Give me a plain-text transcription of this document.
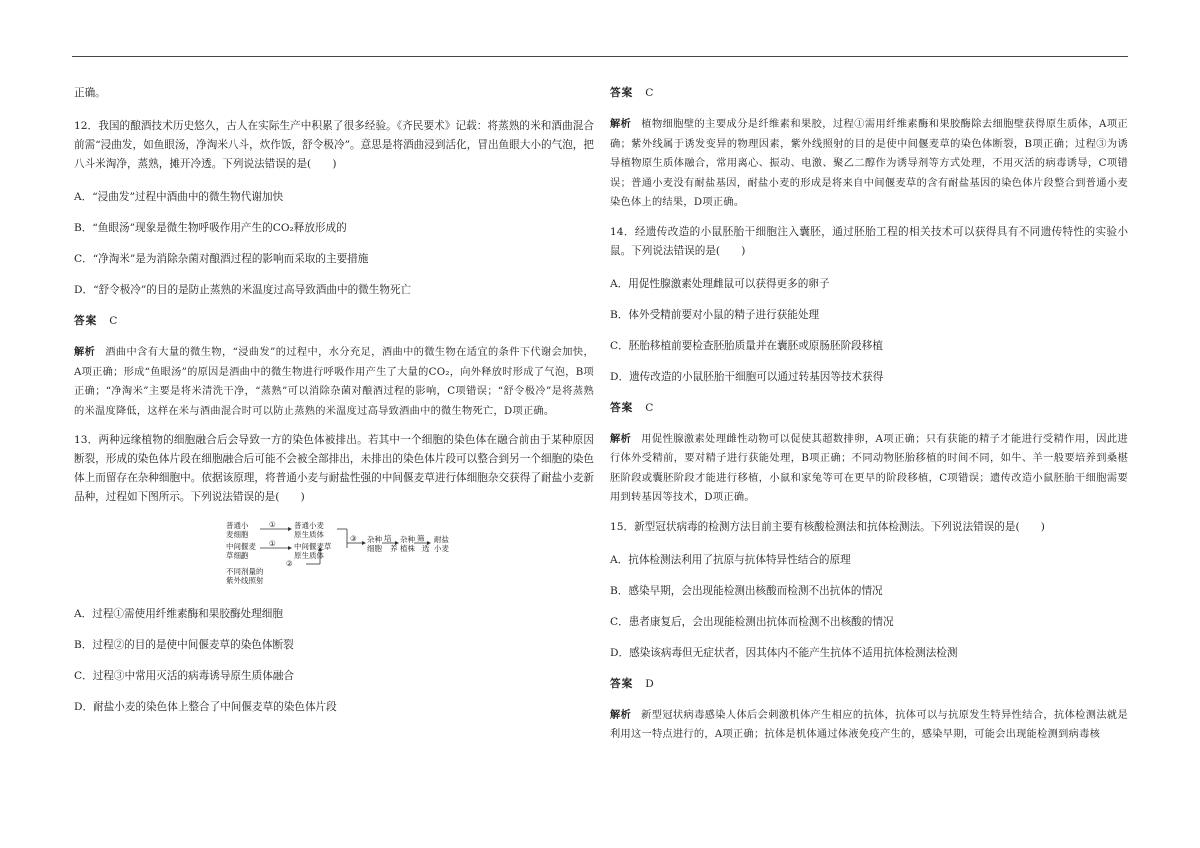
正确。

12．我国的酿酒技术历史悠久，古人在实际生产中积累了很多经验。《齐民要术》记载：将蒸熟的米和酒曲混合前需“浸曲发，如鱼眼汤，净淘米八斗，炊作饭，舒令极冷”。意思是将酒曲浸到活化，冒出鱼眼大小的气泡，把八斗米淘净，蒸熟，摊开冷透。下列说法错误的是(　　)

A．“浸曲发”过程中酒曲中的微生物代谢加快

B．“鱼眼汤”现象是微生物呼吸作用产生的CO₂释放形成的

C．“净淘米”是为消除杂菌对酿酒过程的影响而采取的主要措施

D．“舒令极冷”的目的是防止蒸熟的米温度过高导致酒曲中的微生物死亡

答案 C

解析 酒曲中含有大量的微生物，“浸曲发”的过程中，水分充足，酒曲中的微生物在适宜的条件下代谢会加快，A项正确；形成“鱼眼汤”的原因是酒曲中的微生物进行呼吸作用产生了大量的CO₂，向外释放时形成了气泡，B项正确；“净淘米”主要是将米清洗干净，“蒸熟”可以消除杂菌对酿酒过程的影响，C项错误；“舒令极冷”是将蒸熟的米温度降低，这样在米与酒曲混合时可以防止蒸熟的米温度过高导致酒曲中的微生物死亡，D项正确。

13．两种远缘植物的细胞融合后会导致一方的染色体被排出。若其中一个细胞的染色体在融合前由于某种原因断裂，形成的染色体片段在细胞融合后可能不会被全部排出，未排出的染色体片段可以整合到另一个细胞的染色体上而留存在杂种细胞中。依据该原理，将普通小麦与耐盐性强的中间偃麦草进行体细胞杂交获得了耐盐小麦新品种，过程如下图所示。下列说法错误的是(　　)

普通小
麦细胞
① 普通小麦
原生质体
中间偃麦
草细胞
① 中间偃麦草
原生质体
不同剂量的
紫外线照射
②
③ 杂种
细胞
培
养
杂种
植株
筛
选
耐盐
小麦

A．过程①需使用纤维素酶和果胶酶处理细胞

B．过程②的目的是使中间偃麦草的染色体断裂

C．过程③中常用灭活的病毒诱导原生质体融合

D．耐盐小麦的染色体上整合了中间偃麦草的染色体片段

答案 C

解析 植物细胞壁的主要成分是纤维素和果胶，过程①需用纤维素酶和果胶酶除去细胞壁获得原生质体，A项正确；紫外线属于诱发变异的物理因素，紫外线照射的目的是使中间偃麦草的染色体断裂，B项正确；过程③为诱导植物原生质体融合，常用离心、振动、电激、聚乙二醇作为诱导剂等方式处理，不用灭活的病毒诱导，C项错误；普通小麦没有耐盐基因，耐盐小麦的形成是将来自中间偃麦草的含有耐盐基因的染色体片段整合到普通小麦染色体上的结果，D项正确。

14．经遗传改造的小鼠胚胎干细胞注入囊胚，通过胚胎工程的相关技术可以获得具有不同遗传特性的实验小鼠。下列说法错误的是(　　)

A．用促性腺激素处理雌鼠可以获得更多的卵子

B．体外受精前要对小鼠的精子进行获能处理

C．胚胎移植前要检查胚胎质量并在囊胚或原肠胚阶段移植

D．遗传改造的小鼠胚胎干细胞可以通过转基因等技术获得

答案 C

解析 用促性腺激素处理雌性动物可以促使其超数排卵，A项正确；只有获能的精子才能进行受精作用，因此进行体外受精前，要对精子进行获能处理，B项正确；不同动物胚胎移植的时间不同，如牛、羊一般要培养到桑椹胚阶段或囊胚阶段才能进行移植，小鼠和家兔等可在更早的阶段移植，C项错误；遗传改造小鼠胚胎干细胞需要用到转基因等技术，D项正确。

15．新型冠状病毒的检测方法目前主要有核酸检测法和抗体检测法。下列说法错误的是(　　)

A．抗体检测法利用了抗原与抗体特异性结合的原理

B．感染早期，会出现能检测出核酸而检测不出抗体的情况

C．患者康复后，会出现能检测出抗体而检测不出核酸的情况

D．感染该病毒但无症状者，因其体内不能产生抗体不适用抗体检测法检测

答案 D

解析 新型冠状病毒感染人体后会刺激机体产生相应的抗体，抗体可以与抗原发生特异性结合，抗体检测法就是利用这一特点进行的，A项正确；抗体是机体通过体液免疫产生的，感染早期，可能会出现能检测到病毒核
